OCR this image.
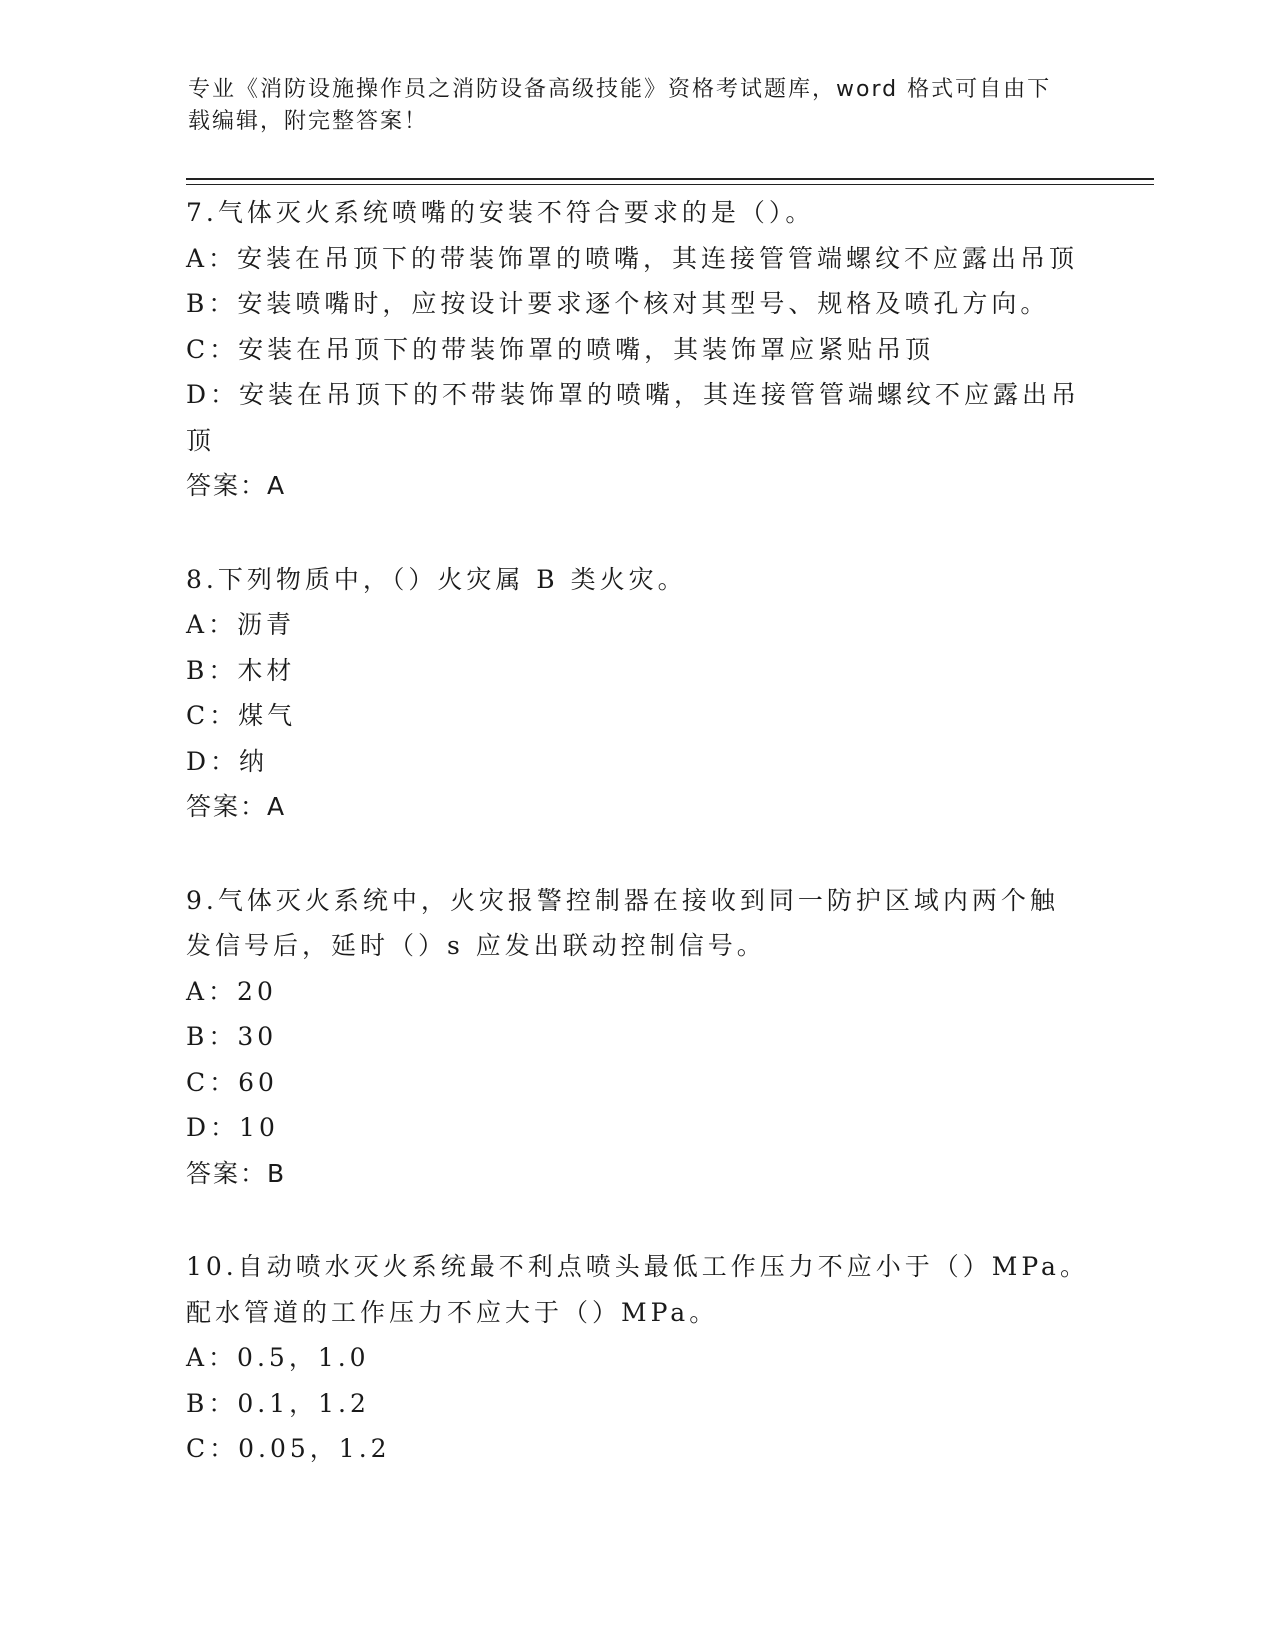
专业《消防设施操作员之消防设备高级技能》资格考试题库，word 格式可自由下
载编辑，附完整答案！
7.气体灭火系统喷嘴的安装不符合要求的是（）。
A：安装在吊顶下的带装饰罩的喷嘴，其连接管管端螺纹不应露出吊顶
B：安装喷嘴时，应按设计要求逐个核对其型号、规格及喷孔方向。
C：安装在吊顶下的带装饰罩的喷嘴，其装饰罩应紧贴吊顶
D：安装在吊顶下的不带装饰罩的喷嘴，其连接管管端螺纹不应露出吊
顶
答案：A
8.下列物质中，（）火灾属 B 类火灾。
A：沥青
B：木材
C：煤气
D：纳
答案：A
9.气体灭火系统中，火灾报警控制器在接收到同一防护区域内两个触
发信号后，延时（）s 应发出联动控制信号。
A：20
B：30
C：60
D：10
答案：B
10.自动喷水灭火系统最不利点喷头最低工作压力不应小于（）MPa。
配水管道的工作压力不应大于（）MPa。
A：0.5，1.0
B：0.1，1.2
C：0.05，1.2
